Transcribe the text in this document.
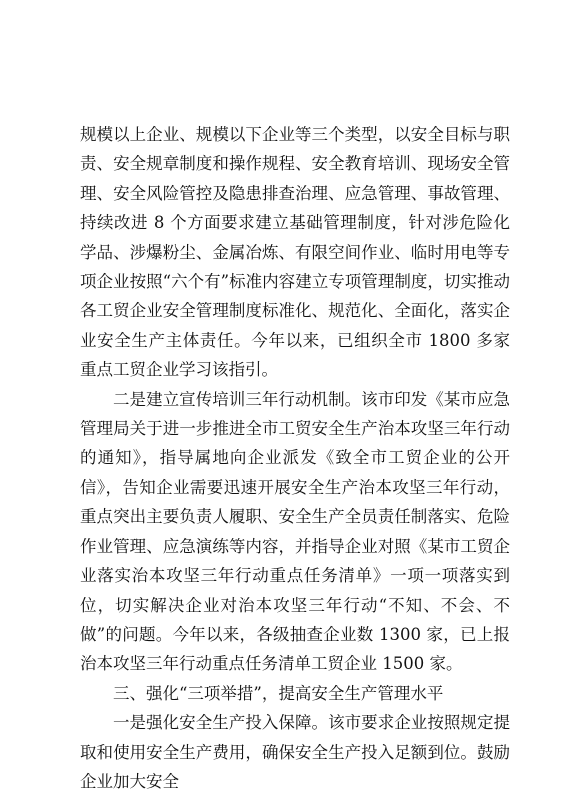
规模以上企业、规模以下企业等三个类型，以安全目标与职责、安全规章制度和操作规程、安全教育培训、现场安全管理、安全风险管控及隐患排查治理、应急管理、事故管理、持续改进 8 个方面要求建立基础管理制度，针对涉危险化学品、涉爆粉尘、金属冶炼、有限空间作业、临时用电等专项企业按照“六个有”标准内容建立专项管理制度，切实推动各工贸企业安全管理制度标准化、规范化、全面化，落实企业安全生产主体责任。今年以来，已组织全市 1800 多家重点工贸企业学习该指引。

二是建立宣传培训三年行动机制。该市印发《某市应急管理局关于进一步推进全市工贸安全生产治本攻坚三年行动的通知》，指导属地向企业派发《致全市工贸企业的公开信》，告知企业需要迅速开展安全生产治本攻坚三年行动，重点突出主要负责人履职、安全生产全员责任制落实、危险作业管理、应急演练等内容，并指导企业对照《某市工贸企业落实治本攻坚三年行动重点任务清单》一项一项落实到位，切实解决企业对治本攻坚三年行动“不知、不会、不做”的问题。今年以来，各级抽查企业数 1300 家，已上报治本攻坚三年行动重点任务清单工贸企业 1500 家。

三、强化“三项举措”，提高安全生产管理水平

一是强化安全生产投入保障。该市要求企业按照规定提取和使用安全生产费用，确保安全生产投入足额到位。鼓励企业加大安全
